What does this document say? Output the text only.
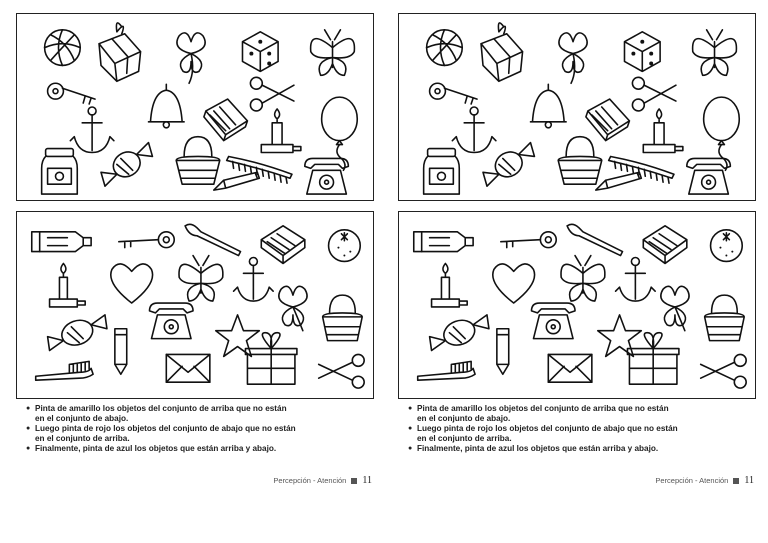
● Pinta de amarillo los objetos del conjunto de arriba que no están
en el conjunto de abajo.
● Luego pinta de rojo los objetos del conjunto de abajo que no están
en el conjunto de arriba.
● Finalmente, pinta de azul los objetos que están arriba y abajo.
Percepción - Atención 11
● Pinta de amarillo los objetos del conjunto de arriba que no están
en el conjunto de abajo.
● Luego pinta de rojo los objetos del conjunto de abajo que no están
en el conjunto de arriba.
● Finalmente, pinta de azul los objetos que están arriba y abajo.
Percepción - Atención 11
